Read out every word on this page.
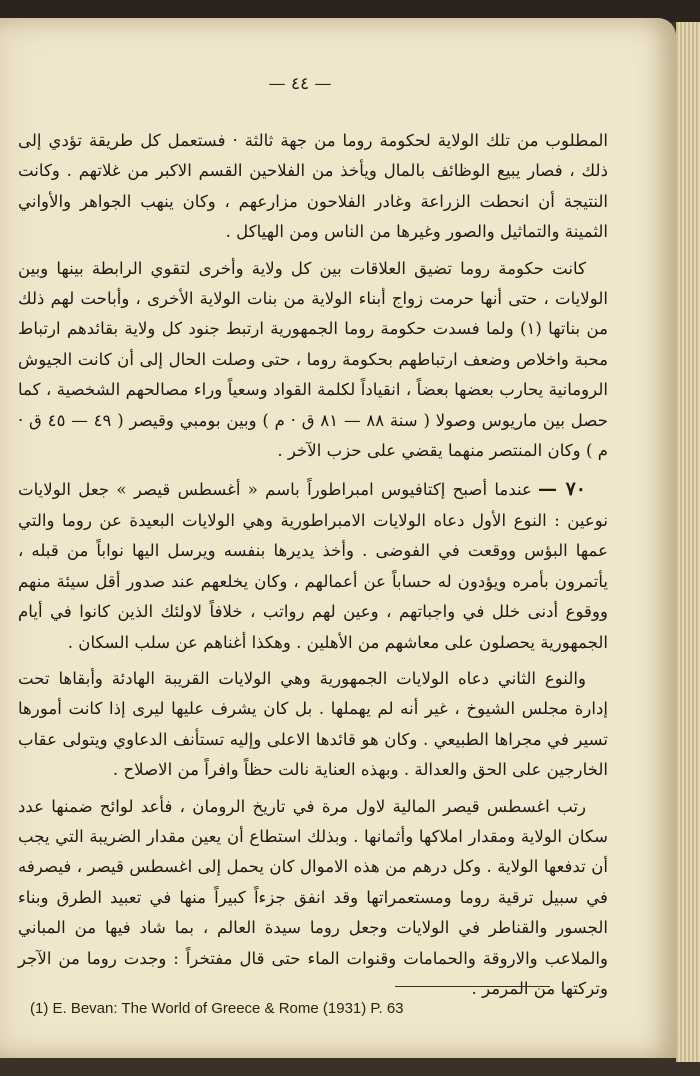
— ٤٤ —

المطلوب من تلك الولاية لحكومة روما من جهة ثالثة · فستعمل كل طريقة تؤدي إلى ذلك ، فصار يبيع الوظائف بالمال ويأخذ من الفلاحين القسم الاكبر من غلاتهم . وكانت النتيجة أن انحطت الزراعة وغادر الفلاحون مزارعهم ، وكان ينهب الجواهر والأواني الثمينة والتماثيل والصور وغيرها من الناس ومن الهياكل .

كانت حكومة روما تضيق العلاقات بين كل ولاية وأخرى لتقوي الرابطة بينها وبين الولايات ، حتى أنها حرمت زواج أبناء الولاية من بنات الولاية الأخرى ، وأباحت لهم ذلك من بناتها (١) ولما فسدت حكومة روما الجمهورية ارتبط جنود كل ولاية بقائدهم ارتباط محبة واخلاص وضعف ارتباطهم بحكومة روما ، حتى وصلت الحال إلى أن كانت الجيوش الرومانية يحارب بعضها بعضاً ، انقياداً لكلمة القواد وسعياً وراء مصالحهم الشخصية ، كما حصل بين ماريوس وصولا ( سنة ٨٨ — ٨١ ق · م ) وبين بومبي وقيصر ( ٤٩ — ٤٥ ق · م ) وكان المنتصر منهما يقضي على حزب الآخر .

٧٠ —عندما أصبح إكتافيوس امبراطوراً باسم « أغسطس قيصر » جعل الولايات نوعين : النوع الأول دعاه الولايات الامبراطورية وهي الولايات البعيدة عن روما والتي عمها البؤس ووقعت في الفوضى . وأخذ يديرها بنفسه ويرسل اليها نواباً من قبله ، يأتمرون بأمره ويؤدون له حساباً عن أعمالهم ، وكان يخلعهم عند صدور أقل سيئة منهم ووقوع أدنى خلل في واجباتهم ، وعين لهم رواتب ، خلافاً لاولئك الذين كانوا في أيام الجمهورية يحصلون على معاشهم من الأهلين . وهكذا أغناهم عن سلب السكان .

والنوع الثاني دعاه الولايات الجمهورية وهي الولايات القريبة الهادئة وأبقاها تحت إدارة مجلس الشيوخ ، غير أنه لم يهملها . بل كان يشرف عليها ليرى إذا كانت أمورها تسير في مجراها الطبيعي . وكان هو قائدها الاعلى وإليه تستأنف الدعاوي ويتولى عقاب الخارجين على الحق والعدالة . وبهذه العناية نالت حظاً وافراً من الاصلاح .

رتب اغسطس قيصر المالية لاول مرة في تاريخ الرومان ، فأعد لوائح ضمنها عدد سكان الولاية ومقدار املاكها وأثمانها . وبذلك استطاع أن يعين مقدار الضريبة التي يجب أن تدفعها الولاية . وكل درهم من هذه الاموال كان يحمل إلى اغسطس قيصر ، فيصرفه في سبيل ترقية روما ومستعمراتها وقد انفق جزءاً كبيراً منها في تعبيد الطرق وبناء الجسور والقناطر في الولايات وجعل روما سيدة العالم ، بما شاد فيها من المباني والملاعب والاروقة والحمامات وقنوات الماء حتى قال مفتخراً : وجدت روما من الآجر وتركتها من المرمر .

(1) E. Bevan: The World of Greece & Rome (1931) P. 63
